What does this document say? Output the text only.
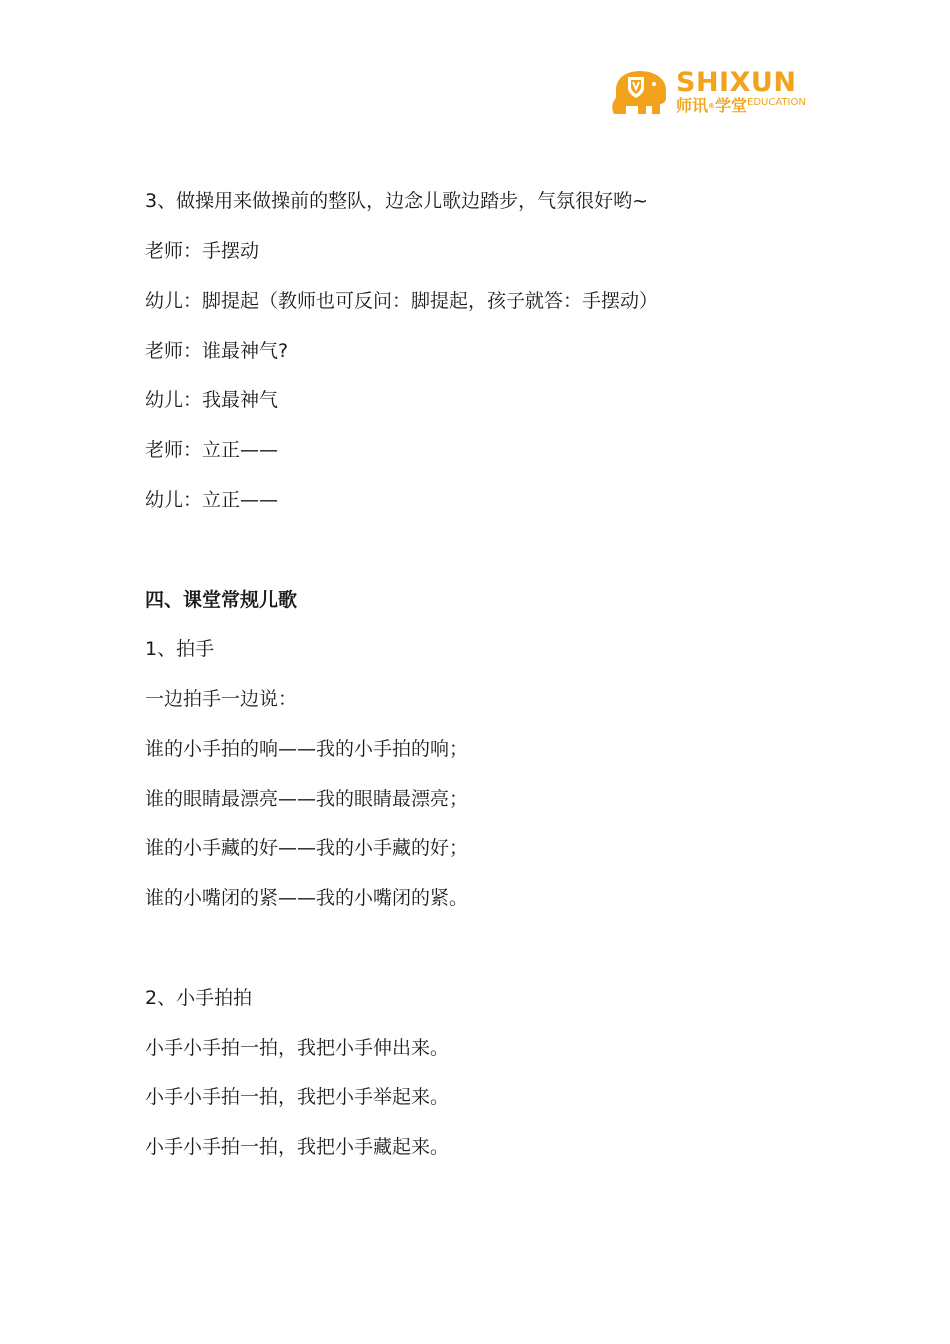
SHIXUN
师讯®学堂 EDUCATION
3、做操用来做操前的整队，边念儿歌边踏步，气氛很好哟~
老师：手摆动
幼儿：脚提起（教师也可反问：脚提起，孩子就答：手摆动）
老师：谁最神气?
幼儿：我最神气
老师：立正——
幼儿：立正——
四、课堂常规儿歌
1、拍手
一边拍手一边说：
谁的小手拍的响——我的小手拍的响；
谁的眼睛最漂亮——我的眼睛最漂亮；
谁的小手藏的好——我的小手藏的好；
谁的小嘴闭的紧——我的小嘴闭的紧。
2、小手拍拍
小手小手拍一拍，我把小手伸出来。
小手小手拍一拍，我把小手举起来。
小手小手拍一拍，我把小手藏起来。
